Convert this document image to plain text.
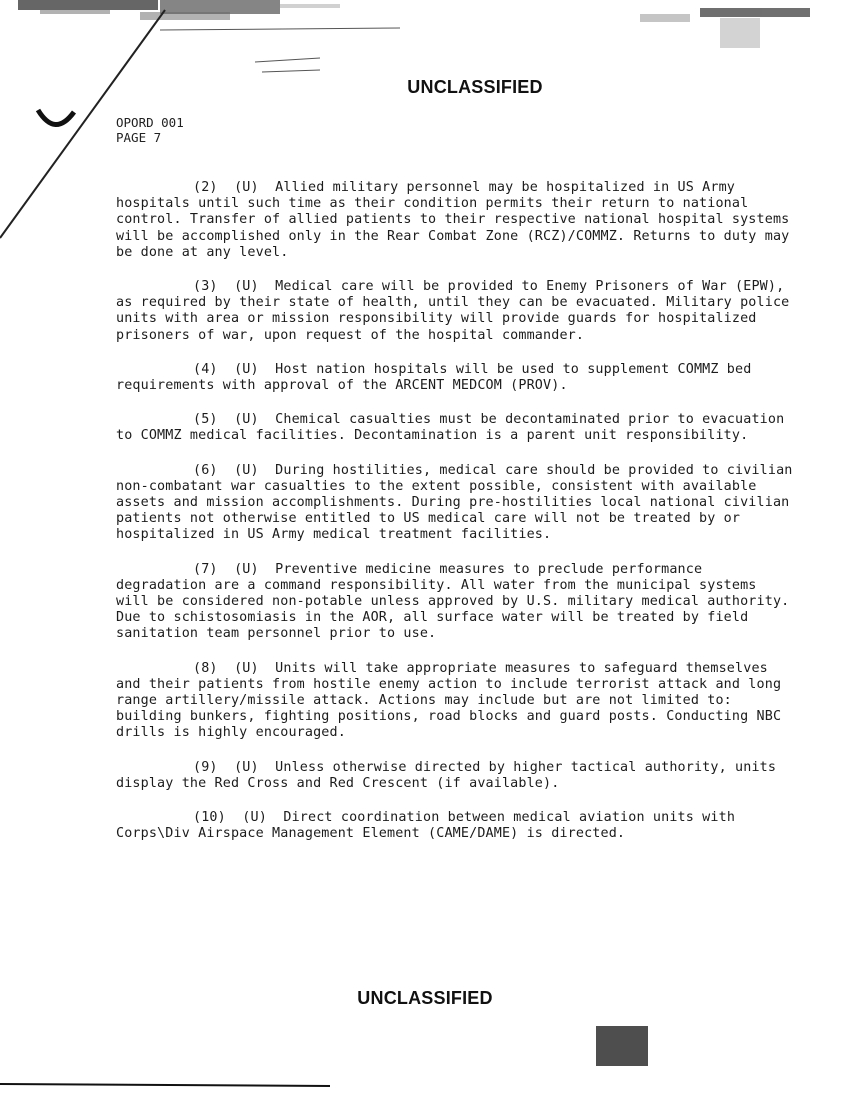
UNCLASSIFIED
OPORD 001
PAGE 7

(2) (U) Allied military personnel may be hospitalized in US Army hospitals until such time as their condition permits their return to national control. Transfer of allied patients to their respective national hospital systems will be accomplished only in the Rear Combat Zone (RCZ)/COMMZ. Returns to duty may be done at any level.

(3) (U) Medical care will be provided to Enemy Prisoners of War (EPW), as required by their state of health, until they can be evacuated. Military police units with area or mission responsibility will provide guards for hospitalized prisoners of war, upon request of the hospital commander.

(4) (U) Host nation hospitals will be used to supplement COMMZ bed requirements with approval of the ARCENT MEDCOM (PROV).

(5) (U) Chemical casualties must be decontaminated prior to evacuation to COMMZ medical facilities. Decontamination is a parent unit responsibility.

(6) (U) During hostilities, medical care should be provided to civilian non-combatant war casualties to the extent possible, consistent with available assets and mission accomplishments. During pre-hostilities local national civilian patients not otherwise entitled to US medical care will not be treated by or hospitalized in US Army medical treatment facilities.

(7) (U) Preventive medicine measures to preclude performance degradation are a command responsibility. All water from the municipal systems will be considered non-potable unless approved by U.S. military medical authority. Due to schistosomiasis in the AOR, all surface water will be treated by field sanitation team personnel prior to use.

(8) (U) Units will take appropriate measures to safeguard themselves and their patients from hostile enemy action to include terrorist attack and long range artillery/missile attack. Actions may include but are not limited to: building bunkers, fighting positions, road blocks and guard posts. Conducting NBC drills is highly encouraged.

(9) (U) Unless otherwise directed by higher tactical authority, units display the Red Cross and Red Crescent (if available).

(10) (U) Direct coordination between medical aviation units with Corps\Div Airspace Management Element (CAME/DAME) is directed.

UNCLASSIFIED
